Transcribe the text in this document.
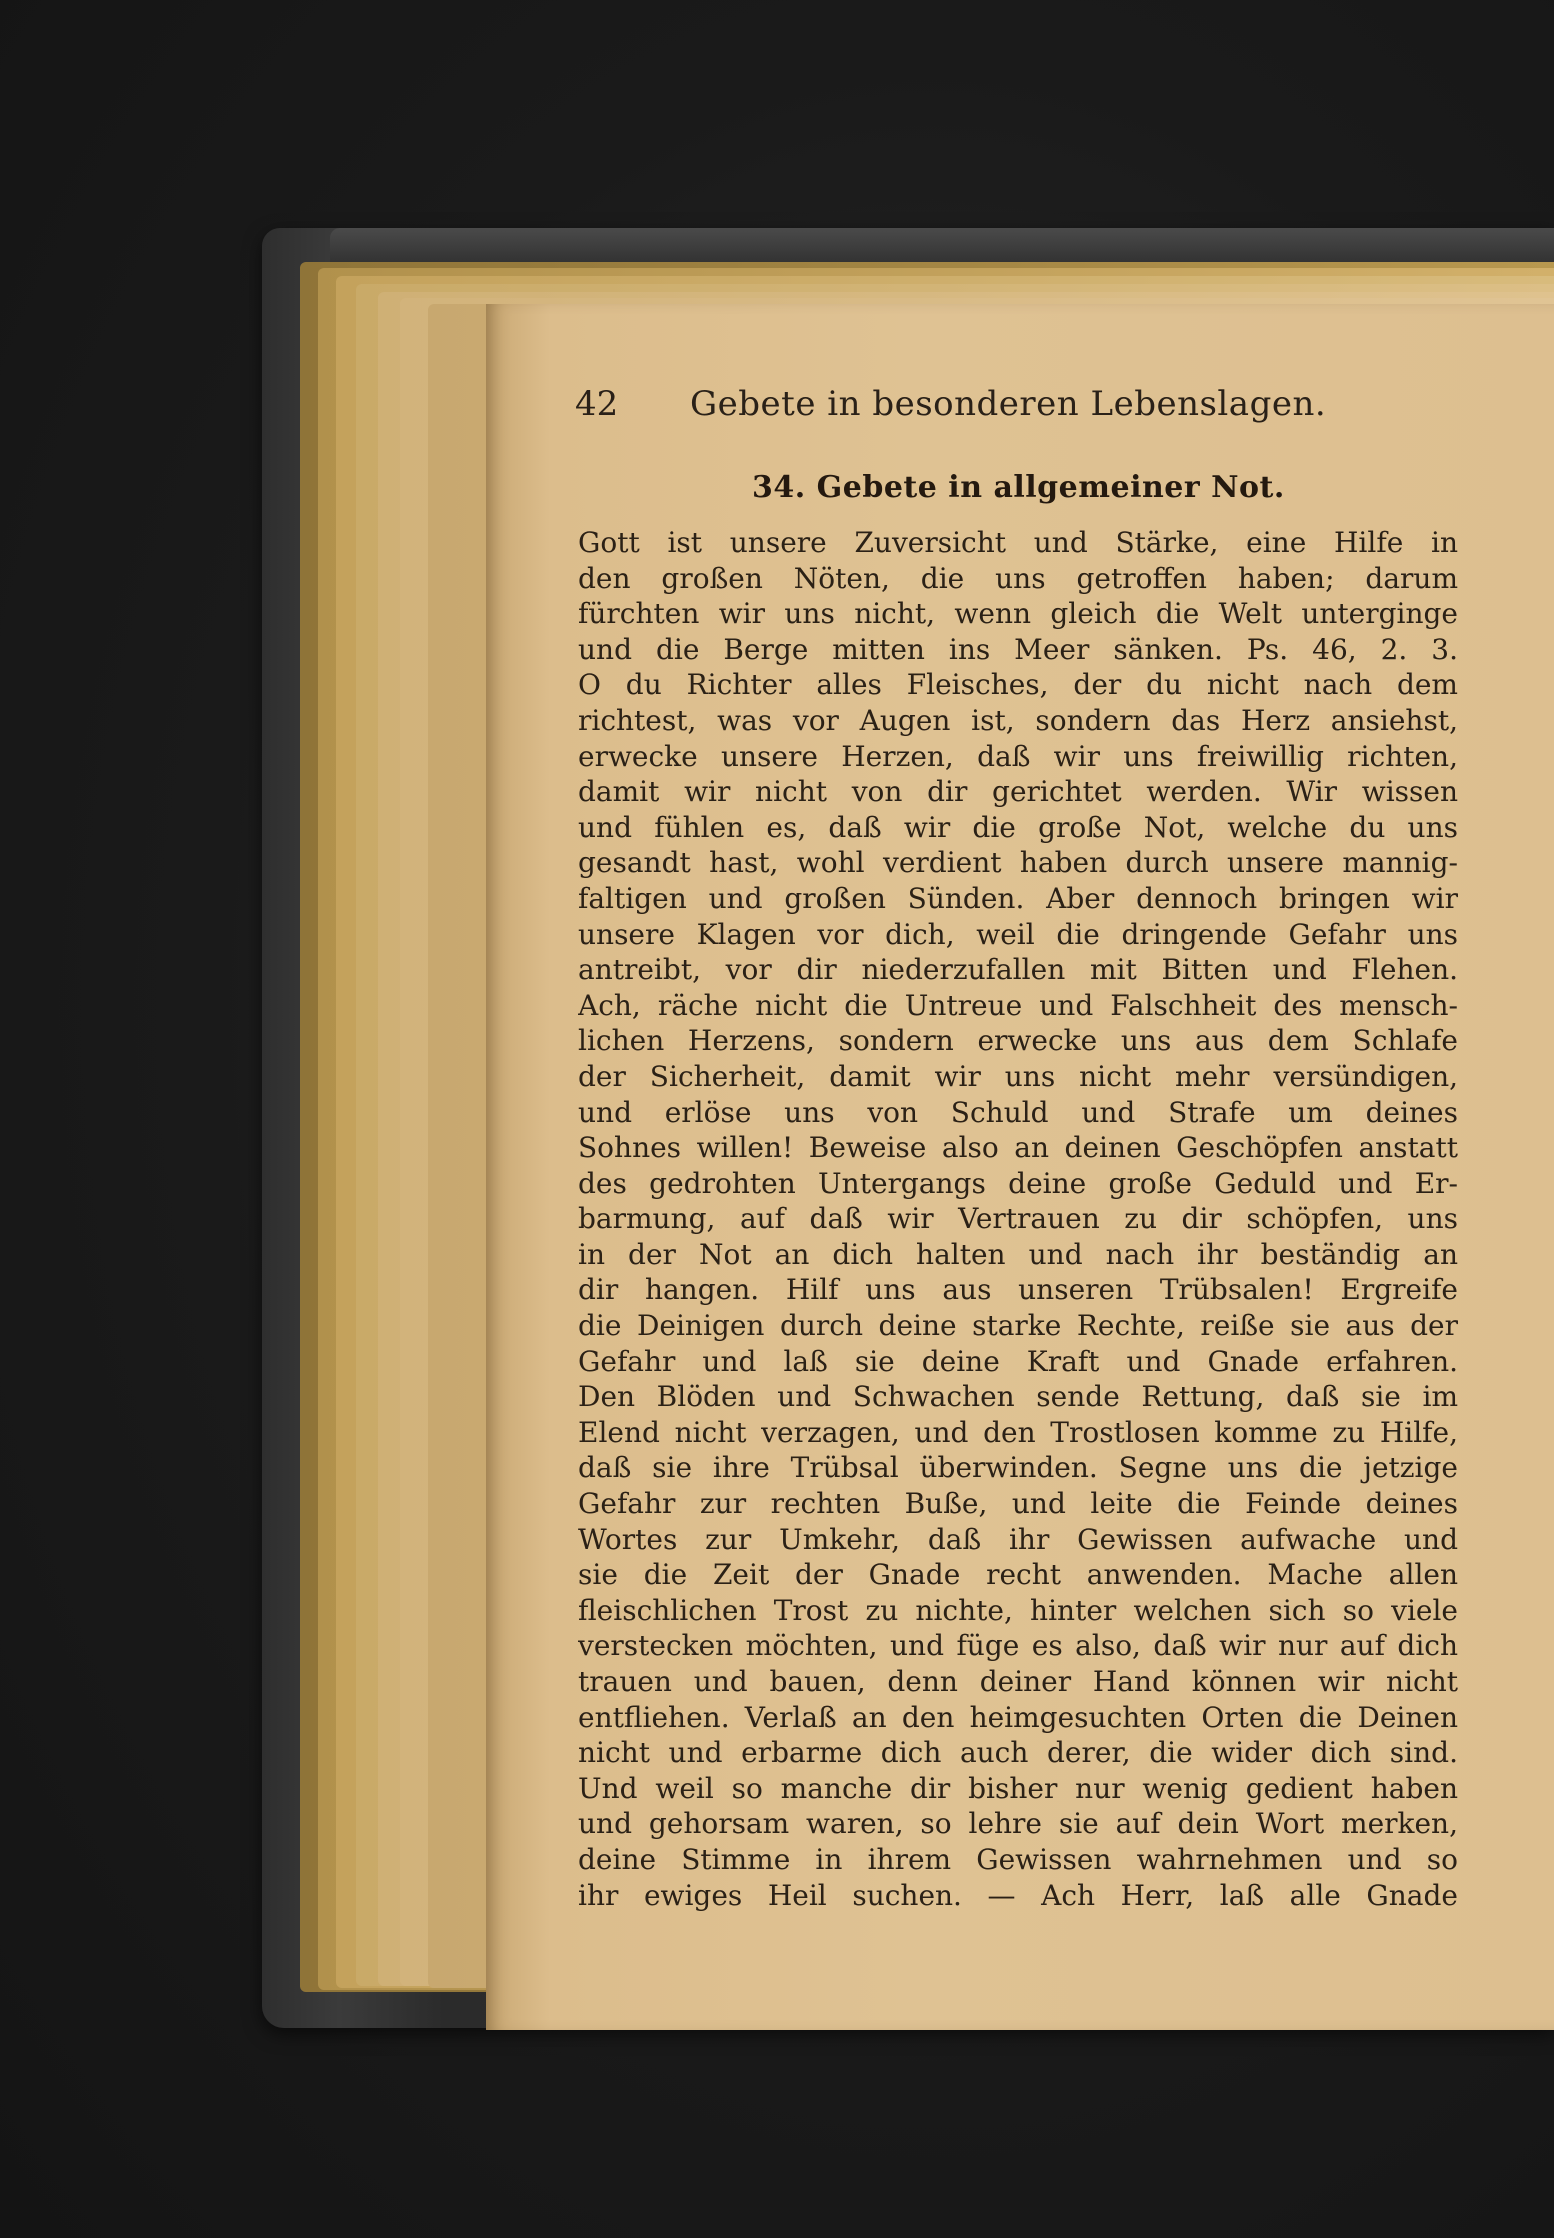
42 Gebete in besonderen Lebenslagen.
34. Gebete in allgemeiner Not.
Gott ist unsere Zuversicht und Stärke, eine Hilfe in
den großen Nöten, die uns getroffen haben; darum
fürchten wir uns nicht, wenn gleich die Welt unterginge
und die Berge mitten ins Meer sänken. Ps. 46, 2. 3.
O du Richter alles Fleisches, der du nicht nach dem
richtest, was vor Augen ist, sondern das Herz ansiehst,
erwecke unsere Herzen, daß wir uns freiwillig richten,
damit wir nicht von dir gerichtet werden. Wir wissen
und fühlen es, daß wir die große Not, welche du uns
gesandt hast, wohl verdient haben durch unsere mannig-
faltigen und großen Sünden. Aber dennoch bringen wir
unsere Klagen vor dich, weil die dringende Gefahr uns
antreibt, vor dir niederzufallen mit Bitten und Flehen.
Ach, räche nicht die Untreue und Falschheit des mensch-
lichen Herzens, sondern erwecke uns aus dem Schlafe
der Sicherheit, damit wir uns nicht mehr versündigen,
und erlöse uns von Schuld und Strafe um deines
Sohnes willen! Beweise also an deinen Geschöpfen anstatt
des gedrohten Untergangs deine große Geduld und Er-
barmung, auf daß wir Vertrauen zu dir schöpfen, uns
in der Not an dich halten und nach ihr beständig an
dir hangen. Hilf uns aus unseren Trübsalen! Ergreife
die Deinigen durch deine starke Rechte, reiße sie aus der
Gefahr und laß sie deine Kraft und Gnade erfahren.
Den Blöden und Schwachen sende Rettung, daß sie im
Elend nicht verzagen, und den Trostlosen komme zu Hilfe,
daß sie ihre Trübsal überwinden. Segne uns die jetzige
Gefahr zur rechten Buße, und leite die Feinde deines
Wortes zur Umkehr, daß ihr Gewissen aufwache und
sie die Zeit der Gnade recht anwenden. Mache allen
fleischlichen Trost zu nichte, hinter welchen sich so viele
verstecken möchten, und füge es also, daß wir nur auf dich
trauen und bauen, denn deiner Hand können wir nicht
entfliehen. Verlaß an den heimgesuchten Orten die Deinen
nicht und erbarme dich auch derer, die wider dich sind.
Und weil so manche dir bisher nur wenig gedient haben
und gehorsam waren, so lehre sie auf dein Wort merken,
deine Stimme in ihrem Gewissen wahrnehmen und so
ihr ewiges Heil suchen. — Ach Herr, laß alle Gnade
